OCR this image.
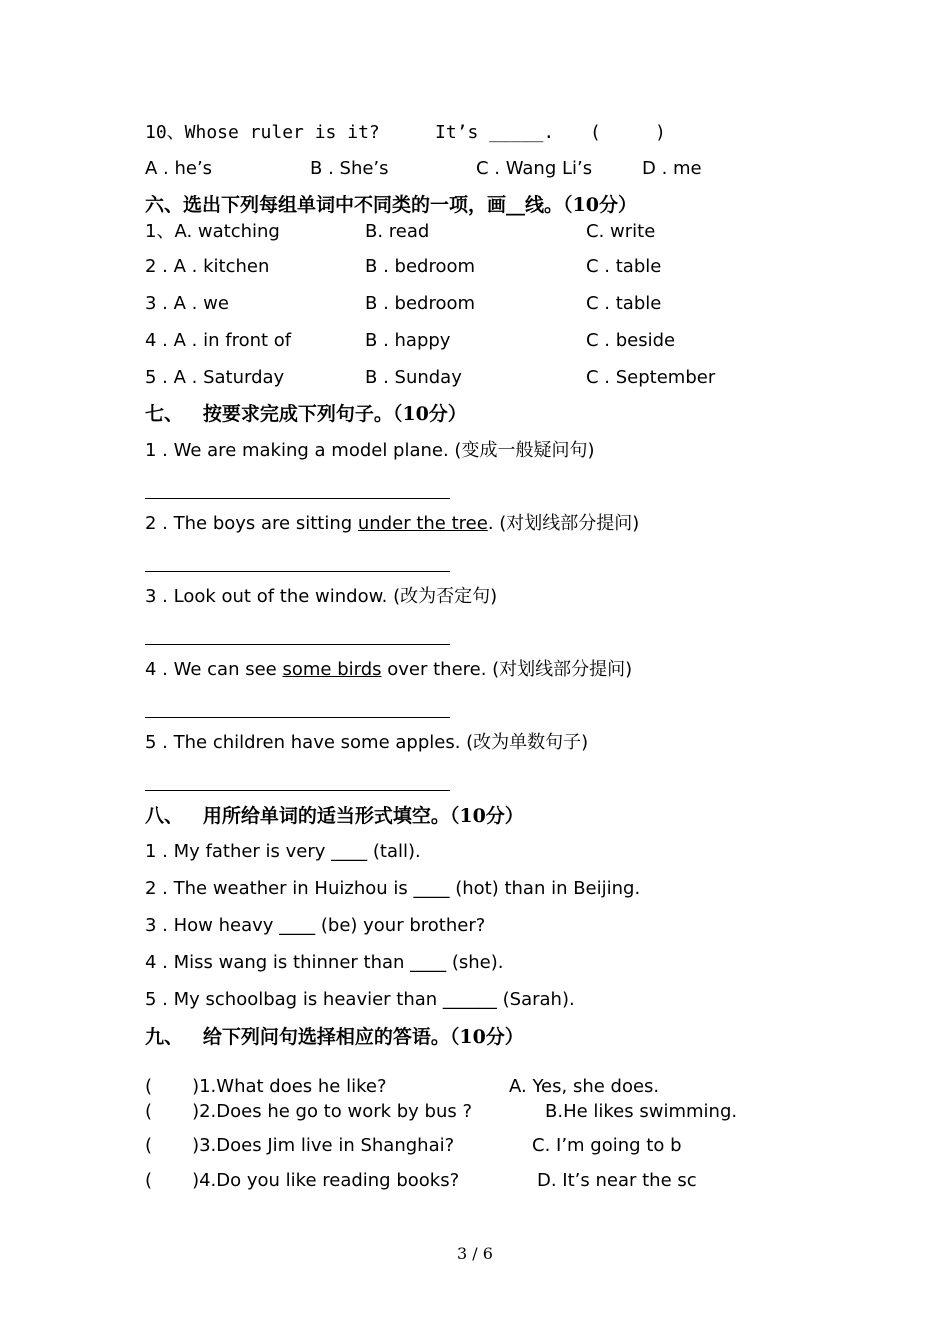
10、Whose ruler is it?	It’s _____. (     )
A . he’s	B . She’s	C . Wang Li’s	D . me
六、选出下列每组单词中不同类的一项，画__线。（10分）
1、A. watching	B. read	C. write
2 . A . kitchen	B . bedroom	C . table
3 . A . we	B . bedroom	C . table
4 . A . in front of	B . happy	C . beside
5 . A . Saturday	B . Sunday	C . September
七、   按要求完成下列句子。（10分）
1 . We are making a model plane. (变成一般疑问句)
2 . The boys are sitting under the tree. (对划线部分提问)
3 . Look out of the window. (改为否定句)
4 . We can see some birds over there. (对划线部分提问)
5 . The children have some apples. (改为单数句子)
八、   用所给单词的适当形式填空。（10分）
1 . My father is very ____ (tall).
2 . The weather in Huizhou is ____ (hot) than in Beijing.
3 . How heavy ____ (be) your brother?
4 . Miss wang is thinner than ____ (she).
5 . My schoolbag is heavier than ______ (Sarah).
九、   给下列问句选择相应的答语。（10分）
(       )1.What does he like?	A. Yes, she does.
(       )2.Does he go to work by bus ?	B.He likes swimming.
(       )3.Does Jim live in Shanghai?	C. I’m going to b
(       )4.Do you like reading books?	D. It’s near the sc
3 / 6
